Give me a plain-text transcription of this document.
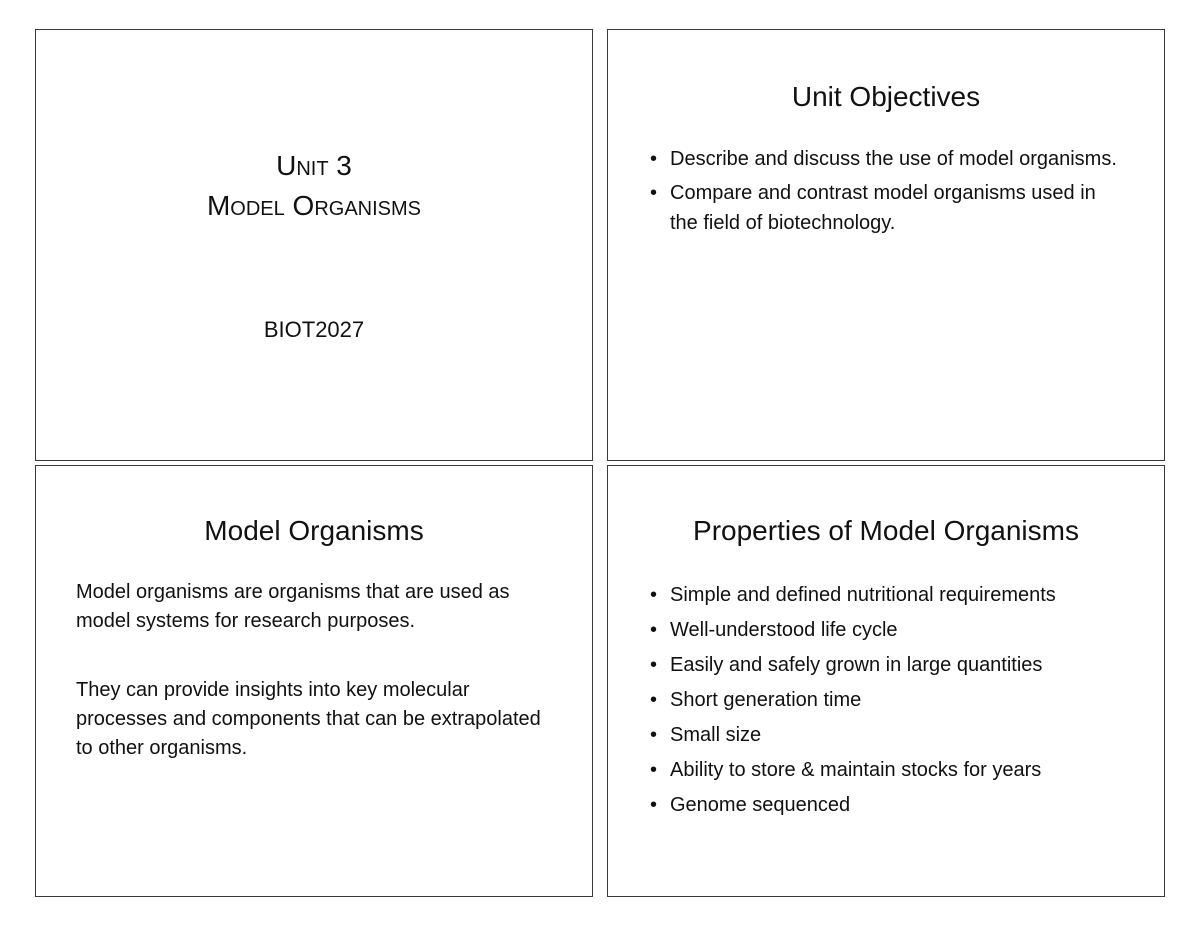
Unit 3
Model Organisms
BIOT2027
Unit Objectives
• Describe and discuss the use of model organisms.
• Compare and contrast model organisms used in the field of biotechnology.
Model Organisms

Model organisms are organisms that are used as model systems for research purposes.

They can provide insights into key molecular processes and components that can be extrapolated to other organisms.

Properties of Model Organisms
• Simple and defined nutritional requirements
• Well-understood life cycle
• Easily and safely grown in large quantities
• Short generation time
• Small size
• Ability to store & maintain stocks for years
• Genome sequenced
